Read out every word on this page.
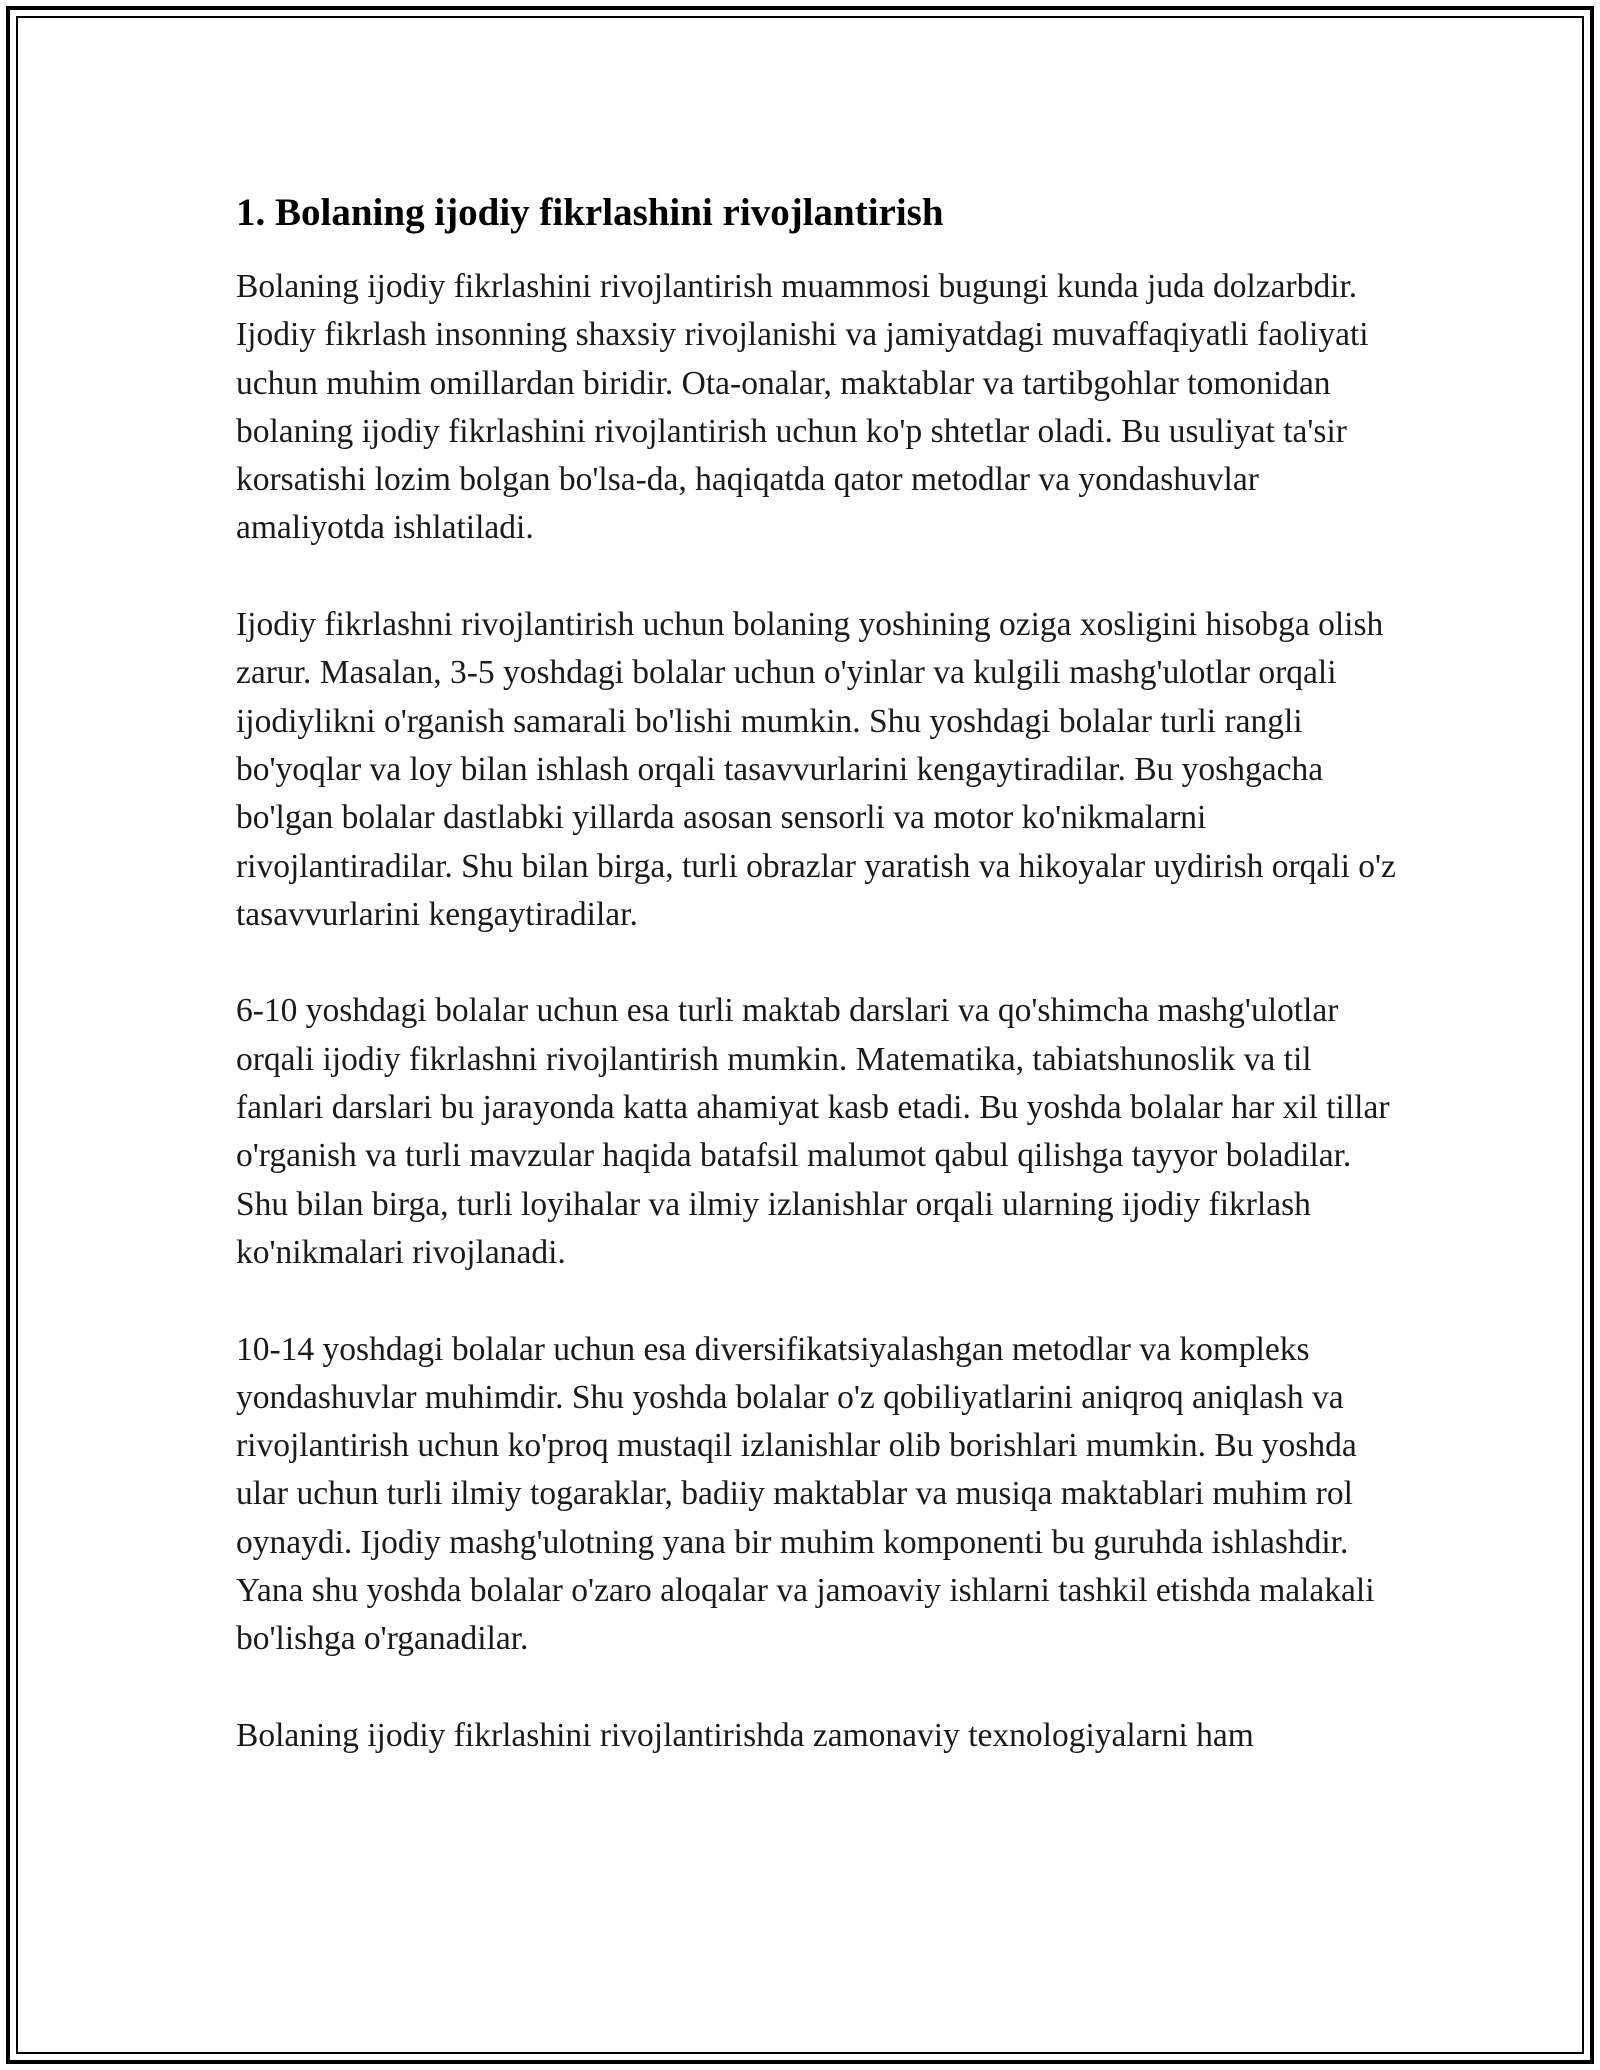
1. Bolaning ijodiy fikrlashini rivojlantirish

Bolaning ijodiy fikrlashini rivojlantirish muammosi bugungi kunda juda dolzarbdir. Ijodiy fikrlash insonning shaxsiy rivojlanishi va jamiyatdagi muvaffaqiyatli faoliyati uchun muhim omillardan biridir. Ota-onalar, maktablar va tartibgohlar tomonidan bolaning ijodiy fikrlashini rivojlantirish uchun ko'p shtetlar oladi. Bu usuliyat ta'sir korsatishi lozim bolgan bo'lsa-da, haqiqatda qator metodlar va yondashuvlar amaliyotda ishlatiladi.

Ijodiy fikrlashni rivojlantirish uchun bolaning yoshining oziga xosligini hisobga olish zarur. Masalan, 3-5 yoshdagi bolalar uchun o'yinlar va kulgili mashg'ulotlar orqali ijodiylikni o'rganish samarali bo'lishi mumkin. Shu yoshdagi bolalar turli rangli bo'yoqlar va loy bilan ishlash orqali tasavvurlarini kengaytiradilar. Bu yoshgacha bo'lgan bolalar dastlabki yillarda asosan sensorli va motor ko'nikmalarni rivojlantiradilar. Shu bilan birga, turli obrazlar yaratish va hikoyalar uydirish orqali o'z tasavvurlarini kengaytiradilar.

6-10 yoshdagi bolalar uchun esa turli maktab darslari va qo'shimcha mashg'ulotlar orqali ijodiy fikrlashni rivojlantirish mumkin. Matematika, tabiatshunoslik va til fanlari darslari bu jarayonda katta ahamiyat kasb etadi. Bu yoshda bolalar har xil tillar o'rganish va turli mavzular haqida batafsil malumot qabul qilishga tayyor boladilar. Shu bilan birga, turli loyihalar va ilmiy izlanishlar orqali ularning ijodiy fikrlash ko'nikmalari rivojlanadi.

10-14 yoshdagi bolalar uchun esa diversifikatsiyalashgan metodlar va kompleks yondashuvlar muhimdir. Shu yoshda bolalar o'z qobiliyatlarini aniqroq aniqlash va rivojlantirish uchun ko'proq mustaqil izlanishlar olib borishlari mumkin. Bu yoshda ular uchun turli ilmiy togaraklar, badiiy maktablar va musiqa maktablari muhim rol oynaydi. Ijodiy mashg'ulotning yana bir muhim komponenti bu guruhda ishlashdir. Yana shu yoshda bolalar o'zaro aloqalar va jamoaviy ishlarni tashkil etishda malakali bo'lishga o'rganadilar.

Bolaning ijodiy fikrlashini rivojlantirishda zamonaviy texnologiyalarni ham
